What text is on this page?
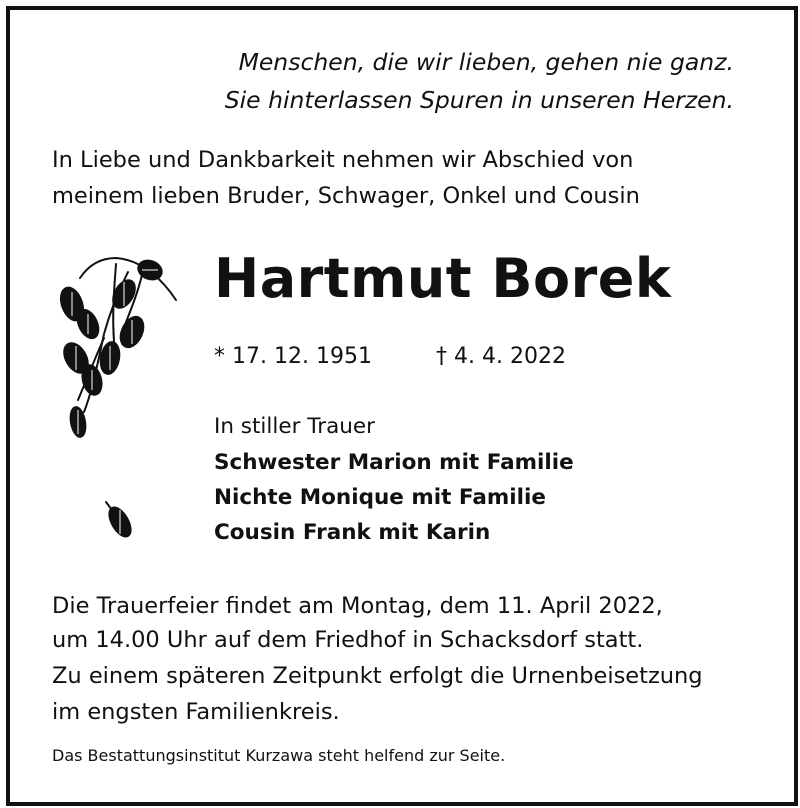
Menschen, die wir lieben, gehen nie ganz.
Sie hinterlassen Spuren in unseren Herzen.
In Liebe und Dankbarkeit nehmen wir Abschied von
meinem lieben Bruder, Schwager, Onkel und Cousin
Hartmut Borek
* 17. 12. 1951	† 4. 4. 2022
In stiller Trauer
Schwester Marion mit Familie
Nichte Monique mit Familie
Cousin Frank mit Karin
Die Trauerfeier findet am Montag, dem 11. April 2022,
um 14.00 Uhr auf dem Friedhof in Schacksdorf statt.
Zu einem späteren Zeitpunkt erfolgt die Urnenbeisetzung
im engsten Familienkreis.
Das Bestattungsinstitut Kurzawa steht helfend zur Seite.
